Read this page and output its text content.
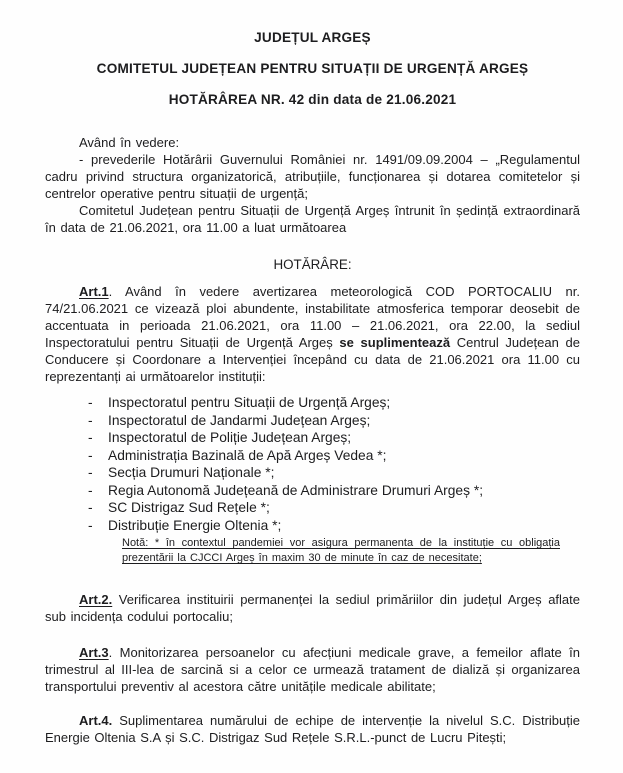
JUDEȚUL ARGEȘ

COMITETUL JUDEȚEAN PENTRU SITUAȚII DE URGENȚĂ ARGEȘ

HOTĂRÂREA NR. 42 din data de 21.06.2021

Având în vedere:

- prevederile Hotărârii Guvernului României nr. 1491/09.09.2004 – „Regulamentul cadru privind structura organizatorică, atribuțiile, funcționarea și dotarea comitetelor și centrelor operative pentru situații de urgență;

Comitetul Județean pentru Situații de Urgență Argeș întrunit în ședință extraordinară în data de 21.06.2021, ora 11.00 a luat următoarea

HOTĂRÂRE:

Art.1. Având în vedere avertizarea meteorologică COD PORTOCALIU nr. 74/21.06.2021 ce vizează ploi abundente, instabilitate atmosferica temporar deosebit de accentuata in perioada 21.06.2021, ora 11.00 – 21.06.2021, ora 22.00, la sediul Inspectoratului pentru Situații de Urgență Argeș se suplimentează Centrul Județean de Conducere și Coordonare a Intervenției începând cu data de 21.06.2021 ora 11.00 cu reprezentanți ai următoarelor instituții:

- Inspectoratul pentru Situații de Urgență Argeș;
- Inspectoratul de Jandarmi Județean Argeș;
- Inspectoratul de Poliție Județean Argeș;
- Administrația Bazinală de Apă Argeș Vedea *;
- Secția Drumuri Naționale *;
- Regia Autonomă Județeană de Administrare Drumuri Argeș *;
- SC Distrigaz Sud Rețele *;
- Distribuție Energie Oltenia *;

Notă: * în contextul pandemiei vor asigura permanenta de la instituție cu obligația prezentării la CJCCI Argeș în maxim 30 de minute în caz de necesitate;

Art.2. Verificarea instituirii permanenței la sediul primăriilor din județul Argeș aflate sub incidența codului portocaliu;

Art.3. Monitorizarea persoanelor cu afecțiuni medicale grave, a femeilor aflate în trimestrul al III-lea de sarcină si a celor ce urmează tratament de dializă și organizarea transportului preventiv al acestora către unitățile medicale abilitate;

Art.4. Suplimentarea numărului de echipe de intervenție la nivelul S.C. Distribuție Energie Oltenia S.A și S.C. Distrigaz Sud Rețele S.R.L.-punct de Lucru Pitești;
